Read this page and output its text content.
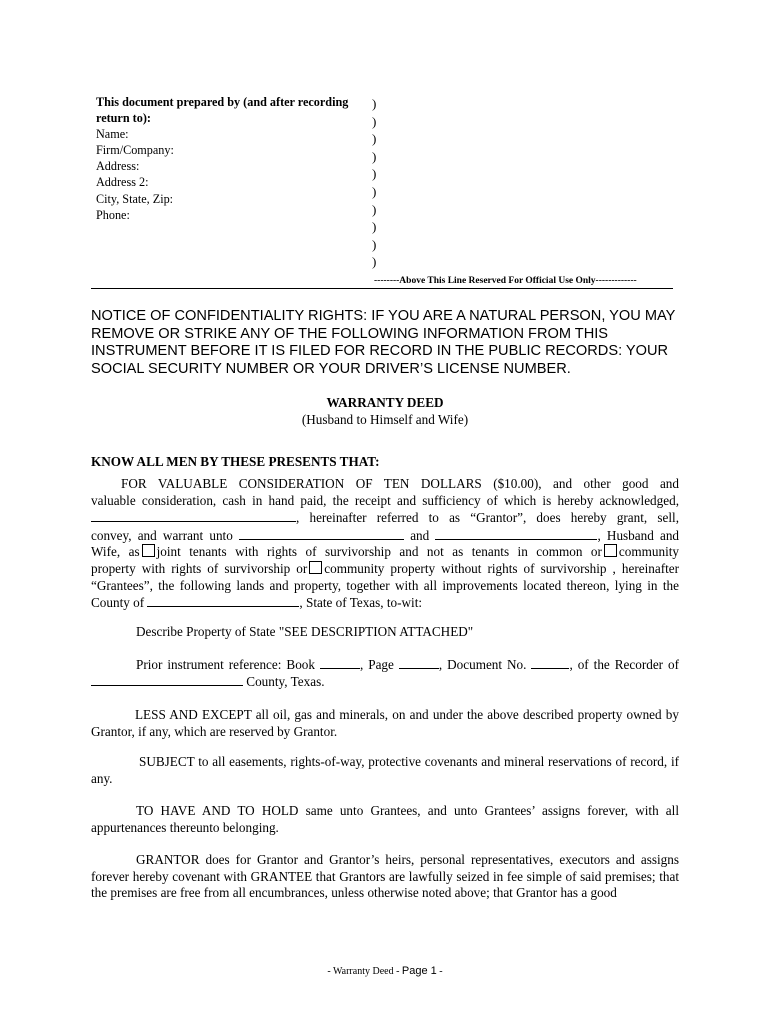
This document prepared by (and after recording
return to):
Name:
Firm/Company:
Address:
Address 2:
City, State, Zip:
Phone:
)
)
)
)
)
)
)
)
)
)
--------Above This Line Reserved For Official Use Only-------------
NOTICE OF CONFIDENTIALITY RIGHTS: IF YOU ARE A NATURAL PERSON, YOU MAY REMOVE OR STRIKE ANY OF THE FOLLOWING INFORMATION FROM THIS INSTRUMENT BEFORE IT IS FILED FOR RECORD IN THE PUBLIC RECORDS: YOUR SOCIAL SECURITY NUMBER OR YOUR DRIVER’S LICENSE NUMBER.
WARRANTY DEED
(Husband to Himself and Wife)
KNOW ALL MEN BY THESE PRESENTS THAT:
FOR VALUABLE CONSIDERATION OF TEN DOLLARS ($10.00), and other good and
valuable consideration, cash in hand paid, the receipt and sufficiency of which is hereby acknowledged,
, hereinafter referred to as “Grantor”, does hereby grant, sell,
convey, and warrant unto	and	, Husband and
Wife, as joint tenants with rights of survivorship and not as tenants in common or community
property with rights of survivorship or community property without rights of survivorship , hereinafter
“Grantees”, the following lands and property, together with all improvements located thereon, lying in the
County of	, State of Texas, to-wit:
Describe Property of State "SEE DESCRIPTION ATTACHED"
Prior instrument reference: Book	, Page	, Document No.	, of the Recorder of
County, Texas.
LESS AND EXCEPT all oil, gas and minerals, on and under the above described property owned by Grantor, if any, which are reserved by Grantor.
SUBJECT to all easements, rights-of-way, protective covenants and mineral reservations of record, if any.
TO HAVE AND TO HOLD same unto Grantees, and unto Grantees’ assigns forever, with all appurtenances thereunto belonging.
GRANTOR does for Grantor and Grantor’s heirs, personal representatives, executors and assigns forever hereby covenant with GRANTEE that Grantors are lawfully seized in fee simple of said premises; that the premises are free from all encumbrances, unless otherwise noted above; that Grantor has a good
- Warranty Deed - Page 1 -
